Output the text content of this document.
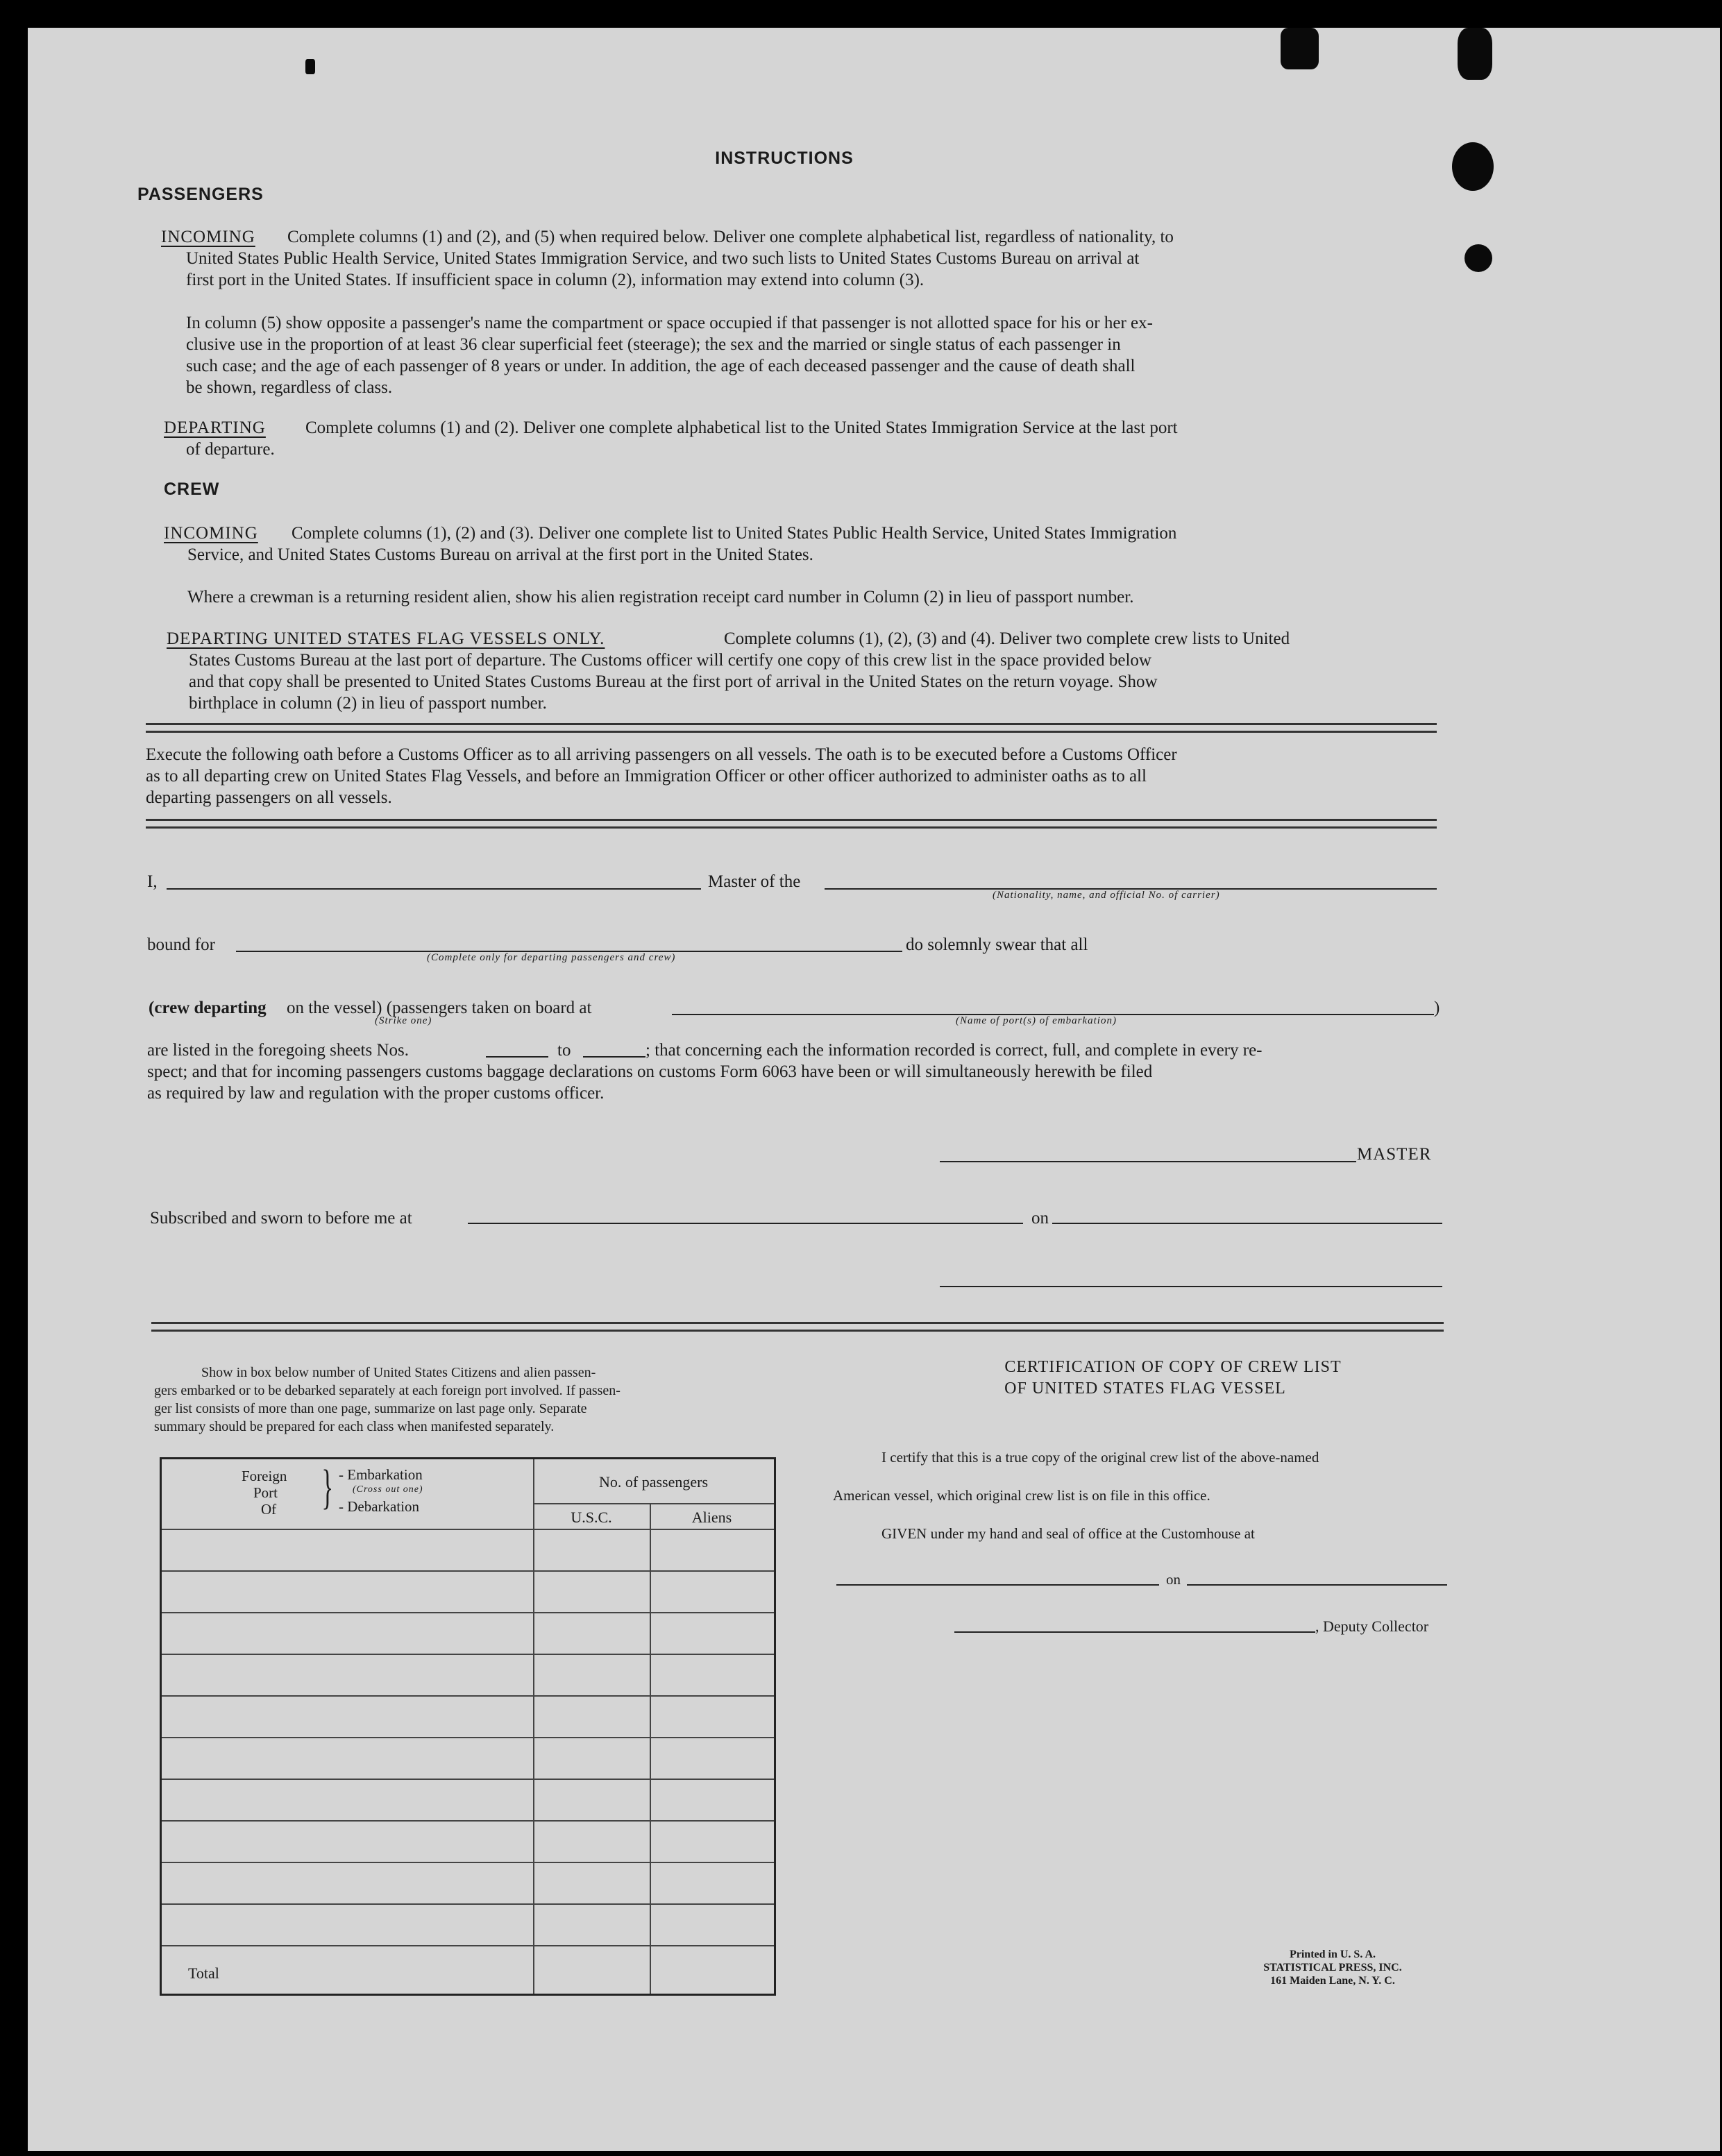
INSTRUCTIONS
PASSENGERS
INCOMING Complete columns (1) and (2), and (5) when required below. Deliver one complete alphabetical list, regardless of nationality, to
United States Public Health Service, United States Immigration Service, and two such lists to United States Customs Bureau on arrival at
first port in the United States. If insufficient space in column (2), information may extend into column (3).
In column (5) show opposite a passenger's name the compartment or space occupied if that passenger is not allotted space for his or her ex-
clusive use in the proportion of at least 36 clear superficial feet (steerage); the sex and the married or single status of each passenger in
such case; and the age of each passenger of 8 years or under. In addition, the age of each deceased passenger and the cause of death shall
be shown, regardless of class.
DEPARTING Complete columns (1) and (2). Deliver one complete alphabetical list to the United States Immigration Service at the last port
of departure.
CREW
INCOMING Complete columns (1), (2) and (3). Deliver one complete list to United States Public Health Service, United States Immigration
Service, and United States Customs Bureau on arrival at the first port in the United States.
Where a crewman is a returning resident alien, show his alien registration receipt card number in Column (2) in lieu of passport number.
DEPARTING UNITED STATES FLAG VESSELS ONLY.	Complete columns (1), (2), (3) and (4). Deliver two complete crew lists to United
States Customs Bureau at the last port of departure. The Customs officer will certify one copy of this crew list in the space provided below
and that copy shall be presented to United States Customs Bureau at the first port of arrival in the United States on the return voyage. Show
birthplace in column (2) in lieu of passport number.
Execute the following oath before a Customs Officer as to all arriving passengers on all vessels. The oath is to be executed before a Customs Officer
as to all departing crew on United States Flag Vessels, and before an Immigration Officer or other officer authorized to administer oaths as to all
departing passengers on all vessels.
I,	Master of the
(Nationality, name, and official No. of carrier)
bound for
(Complete only for departing passengers and crew)
do solemnly swear that all
(crew departing on the vessel) (passengers taken on board at
(Strike one)	(Name of port(s) of embarkation)
)
are listed in the foregoing sheets Nos.	to	; that concerning each the information recorded is correct, full, and complete in every re-
spect; and that for incoming passengers customs baggage declarations on customs Form 6063 have been or will simultaneously herewith be filed
as required by law and regulation with the proper customs officer.
MASTER
Subscribed and sworn to before me at	on
Show in box below number of United States Citizens and alien passen-
gers embarked or to be debarked separately at each foreign port involved. If passen-
ger list consists of more than one page, summarize on last page only. Separate
summary should be prepared for each class when manifested separately.
Foreign
Port
Of } - Embarkation
(Cross out one)
- Debarkation
No. of passengers
U.S.C.	Aliens
Total
CERTIFICATION OF COPY OF CREW LIST
OF UNITED STATES FLAG VESSEL
I certify that this is a true copy of the original crew list of the above-named
American vessel, which original crew list is on file in this office.
GIVEN under my hand and seal of office at the Customhouse at
on
, Deputy Collector
Printed in U. S. A.
STATISTICAL PRESS, INC.
161 Maiden Lane, N. Y. C.
